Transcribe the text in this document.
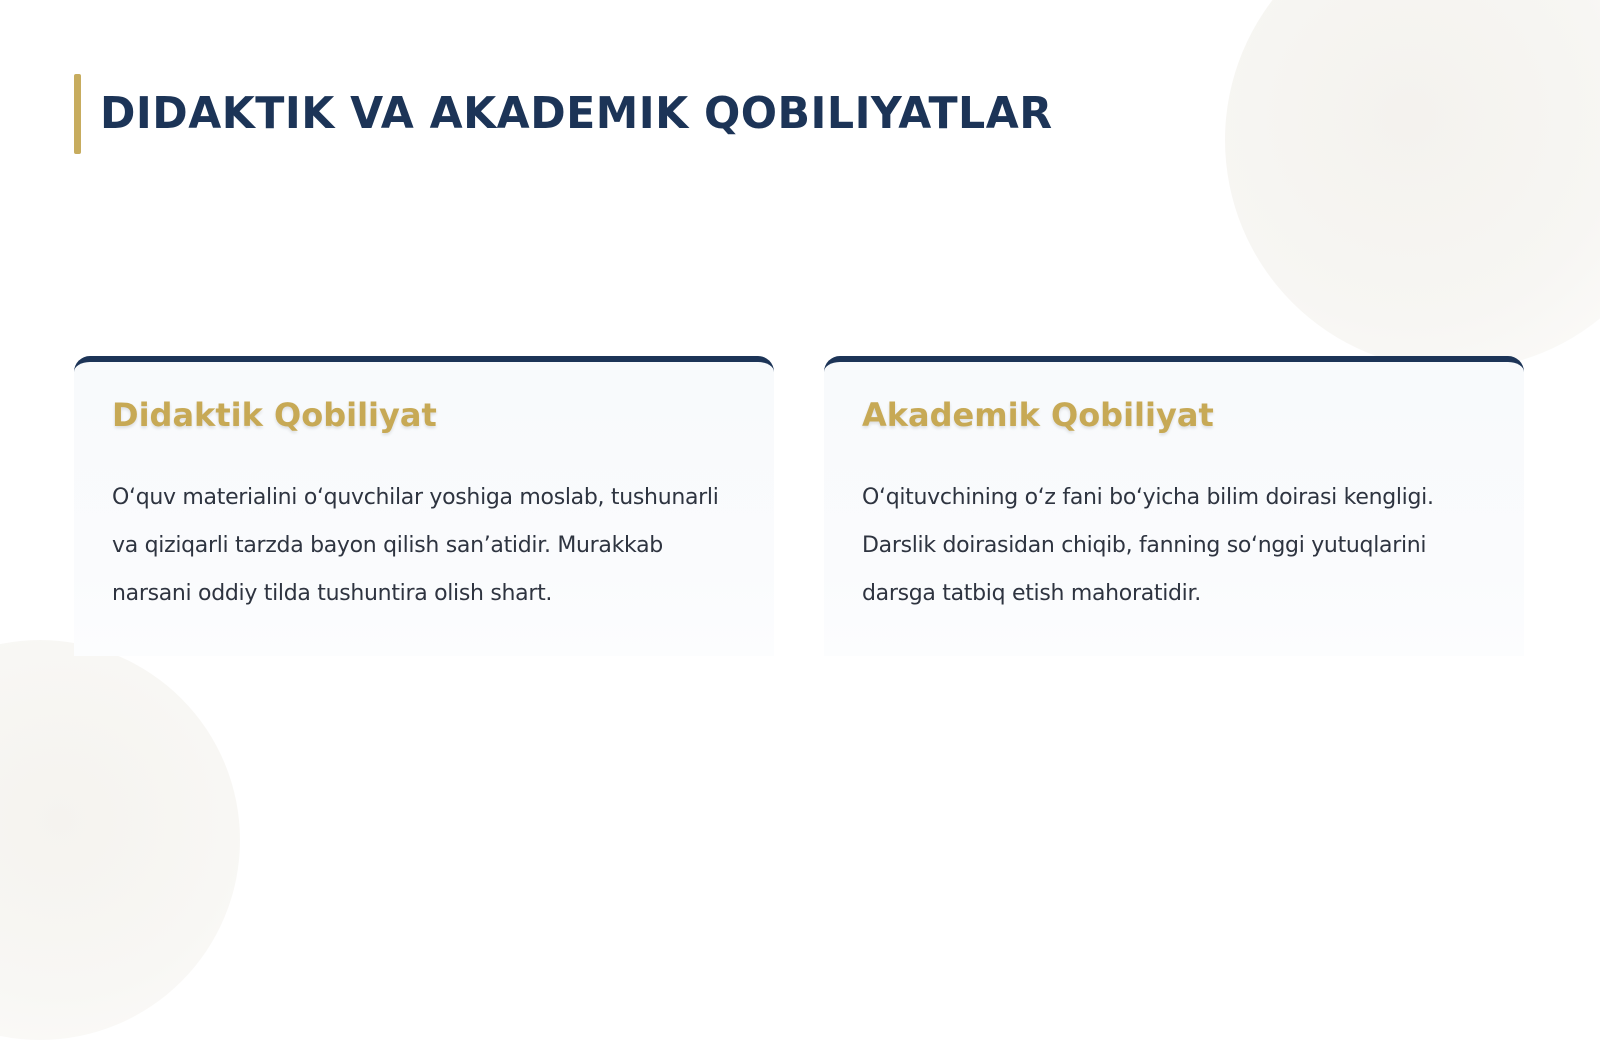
DIDAKTIK VA AKADEMIK QOBILIYATLAR
Didaktik Qobiliyat

O‘quv materialini o‘quvchilar yoshiga moslab, tushunarli va qiziqarli tarzda bayon qilish san’atidir. Murakkab narsani oddiy tilda tushuntira olish shart.

Akademik Qobiliyat

O‘qituvchining o‘z fani bo‘yicha bilim doirasi kengligi. Darslik doirasidan chiqib, fanning so‘nggi yutuqlarini darsga tatbiq etish mahoratidir.
